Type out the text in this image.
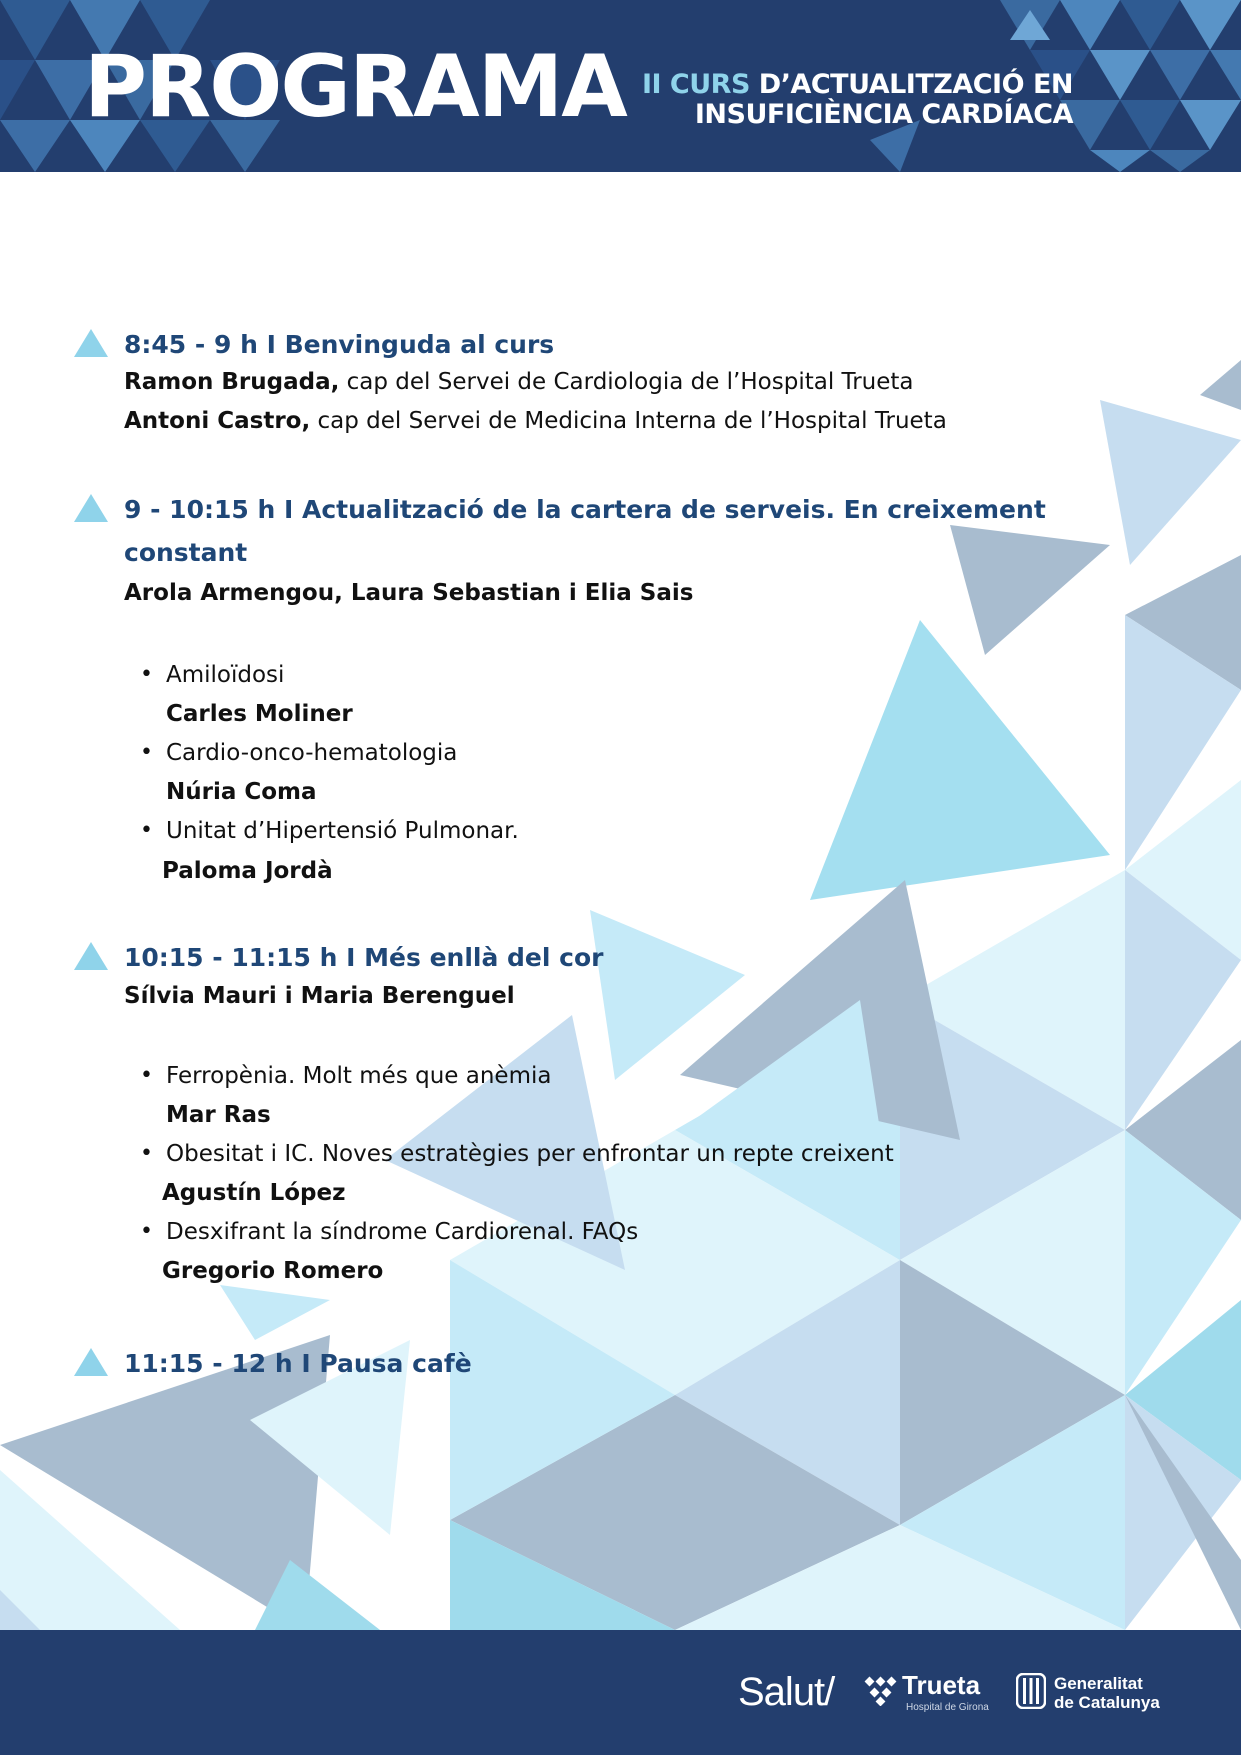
PROGRAMA II CURS D’ACTUALITZACIÓ EN
INSUFICIÈNCIA CARDÍACA
8:45 - 9 h I Benvinguda al curs
Ramon Brugada, cap del Servei de Cardiologia de l’Hospital Trueta
Antoni Castro, cap del Servei de Medicina Interna de l’Hospital Trueta
9 - 10:15 h I Actualització de la cartera de serveis. En creixement
constant
Arola Armengou, Laura Sebastian i Elia Sais
• Amiloïdosi
Carles Moliner
• Cardio-onco-hematologia
Núria Coma
• Unitat d’Hipertensió Pulmonar.
Paloma Jordà
10:15 - 11:15 h I Més enllà del cor
Sílvia Mauri i Maria Berenguel
• Ferropènia. Molt més que anèmia
Mar Ras
• Obesitat i IC. Noves estratègies per enfrontar un repte creixent
Agustín López
• Desxifrant la síndrome Cardiorenal. FAQs
Gregorio Romero
11:15 - 12 h I Pausa cafè
Salut/	Trueta
Hospital de Girona
Generalitat
de Catalunya
